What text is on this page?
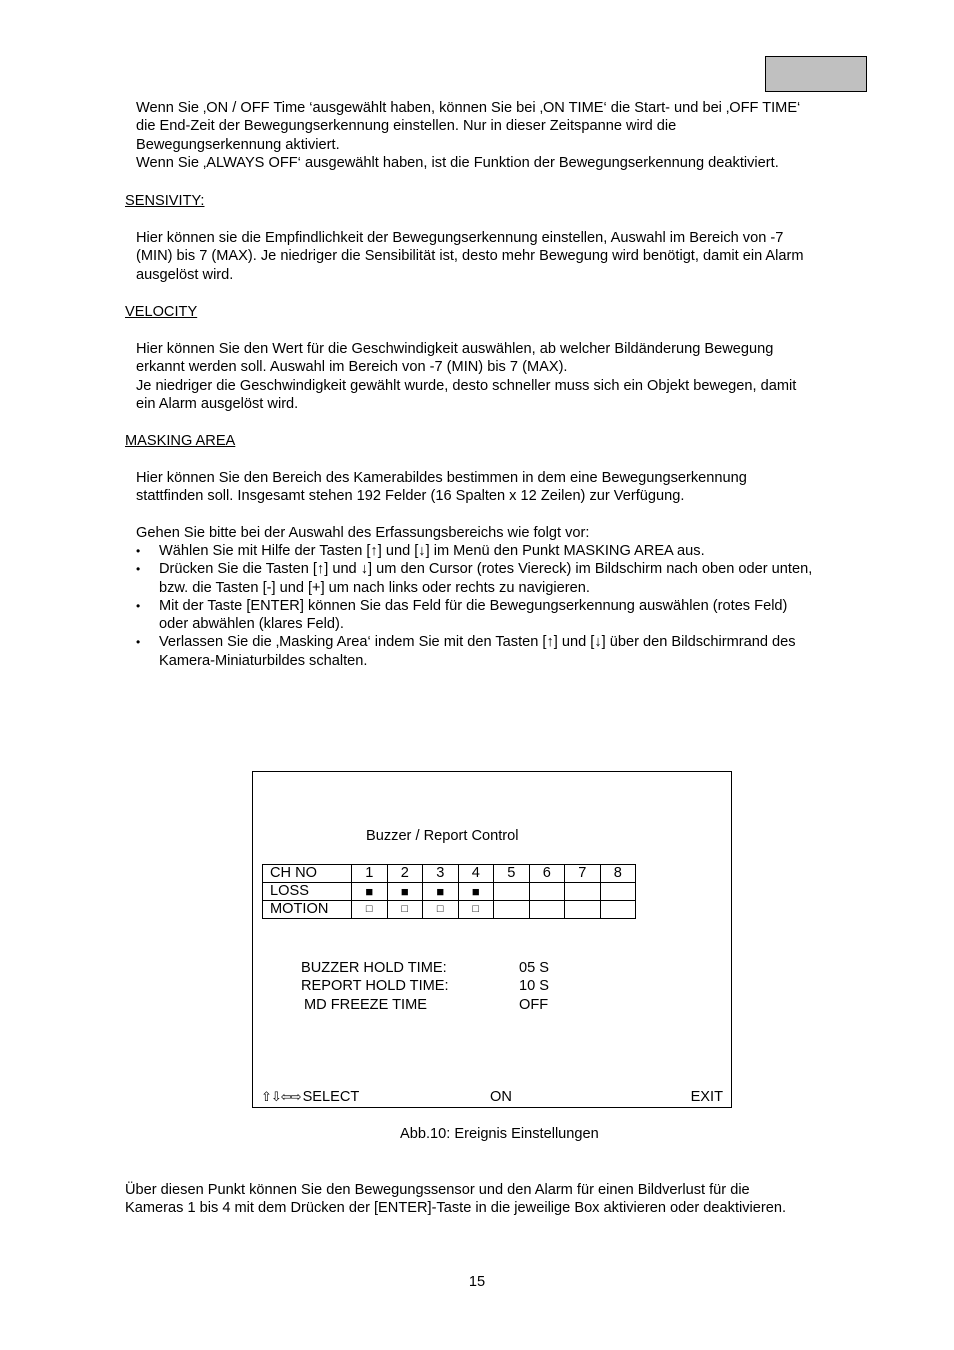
Wenn Sie ‚ON / OFF Time ‘ausgewählt haben, können Sie bei ‚ON TIME‘ die Start- und bei ‚OFF TIME‘

die End-Zeit der Bewegungserkennung einstellen. Nur in dieser Zeitspanne wird die

Bewegungserkennung aktiviert.

Wenn Sie ‚ALWAYS OFF‘ ausgewählt haben, ist die Funktion der Bewegungserkennung deaktiviert.

SENSIVITY:

Hier können sie die Empfindlichkeit der Bewegungserkennung einstellen, Auswahl im Bereich von -7

(MIN) bis 7 (MAX). Je niedriger die Sensibilität ist, desto mehr Bewegung wird benötigt, damit ein Alarm

ausgelöst wird.

VELOCITY

Hier können Sie den Wert für die Geschwindigkeit auswählen, ab welcher Bildänderung Bewegung

erkannt werden soll. Auswahl im Bereich von -7 (MIN) bis 7 (MAX).

Je niedriger die Geschwindigkeit gewählt wurde, desto schneller muss sich ein Objekt bewegen, damit

ein Alarm ausgelöst wird.

MASKING AREA

Hier können Sie den Bereich des Kamerabildes bestimmen in dem eine Bewegungserkennung

stattfinden soll. Insgesamt stehen 192 Felder (16 Spalten x 12 Zeilen) zur Verfügung.

Gehen Sie bitte bei der Auswahl des Erfassungsbereichs wie folgt vor:
• Wählen Sie mit Hilfe der Tasten [↑] und [↓] im Menü den Punkt MASKING AREA aus.
• Drücken Sie die Tasten [↑] und ↓] um den Cursor (rotes Viereck) im Bildschirm nach oben oder unten,
bzw. die Tasten [-] und [+] um nach links oder rechts zu navigieren.
• Mit der Taste [ENTER] können Sie das Feld für die Bewegungserkennung auswählen (rotes Feld)
oder abwählen (klares Feld).
• Verlassen Sie die ‚Masking Area‘ indem Sie mit den Tasten [↑] und [↓] über den Bildschirmrand des
Kamera-Miniaturbildes schalten.
Buzzer / Report Control
CH NO	1	2	3	4	5	6	7	8
LOSS	■	■	■	■				
MOTION	□	□	□	□				
BUZZER HOLD TIME:	05 S
REPORT HOLD TIME:	10 S
MD FREEZE TIME	OFF
⇧⇩⇦⇨ SELECT	ON	EXIT
Abb.10: Ereignis Einstellungen

Über diesen Punkt können Sie den Bewegungssensor und den Alarm für einen Bildverlust für die

Kameras 1 bis 4 mit dem Drücken der [ENTER]-Taste in die jeweilige Box aktivieren oder deaktivieren.

15
